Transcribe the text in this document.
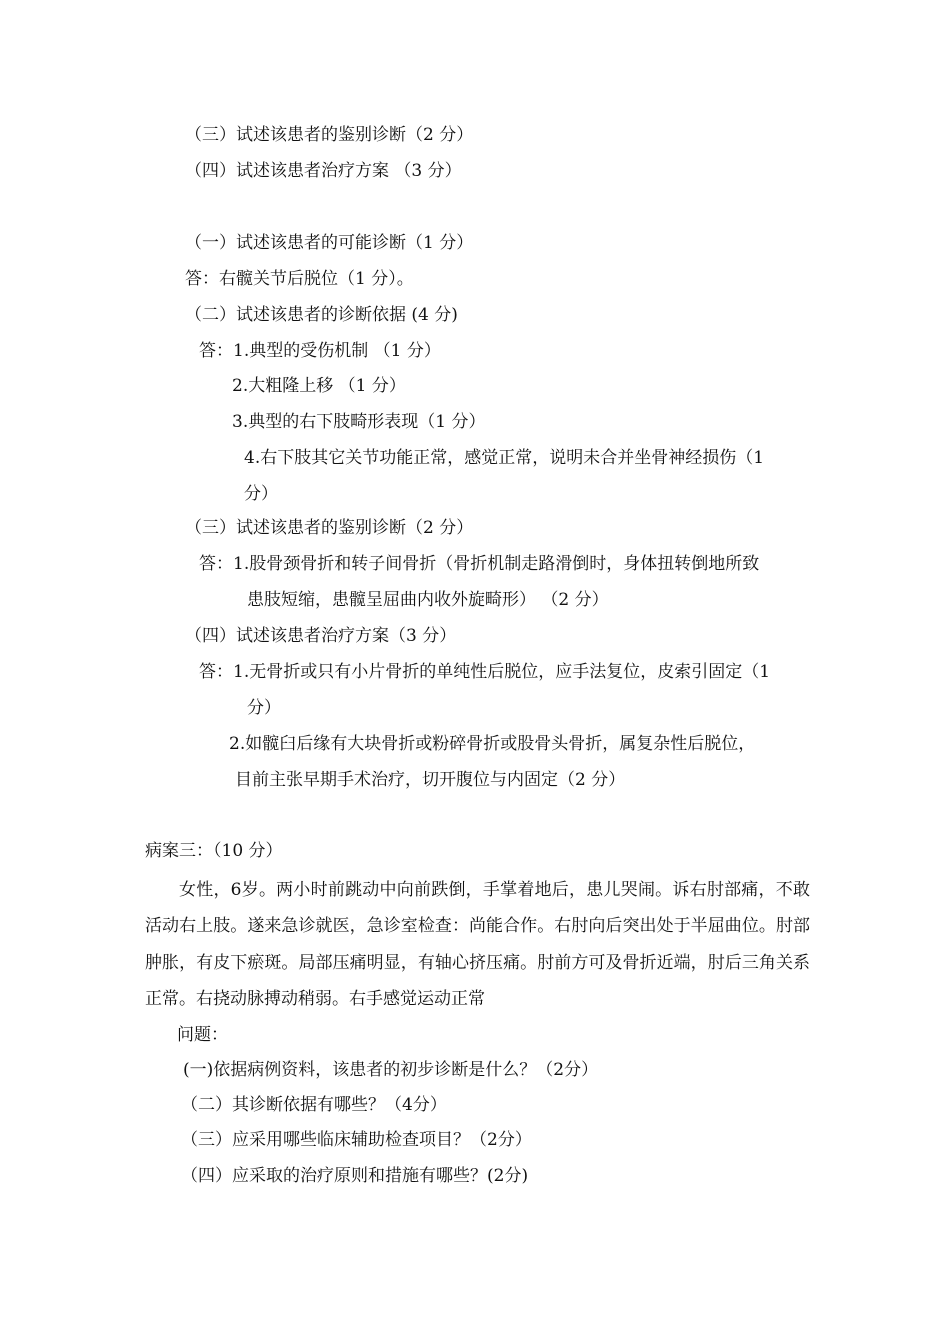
（三）试述该患者的鉴别诊断（2 分）
（四）试述该患者治疗方案 （3 分）
（一）试述该患者的可能诊断（1 分）
答：右髋关节后脱位（1 分）。
（二）试述该患者的诊断依据 (4 分)
答：1.典型的受伤机制 （1 分）
2.大粗隆上移 （1 分）
3.典型的右下肢畸形表现（1 分）
4.右下肢其它关节功能正常，感觉正常，说明未合并坐骨神经损伤（1
分）
（三）试述该患者的鉴别诊断（2 分）
答：1.股骨颈骨折和转子间骨折（骨折机制走路滑倒时，身体扭转倒地所致
患肢短缩，患髋呈屈曲内收外旋畸形） （2 分）
（四）试述该患者治疗方案（3 分）
答：1.无骨折或只有小片骨折的单纯性后脱位，应手法复位，皮索引固定（1
分）
2.如髋臼后缘有大块骨折或粉碎骨折或股骨头骨折，属复杂性后脱位，
目前主张早期手术治疗，切开腹位与内固定（2 分）
病案三：（10 分）
女性，6岁。两小时前跳动中向前跌倒，手掌着地后，患儿哭闹。诉右肘部痛，不敢活动右上肢。遂来急诊就医，急诊室检查：尚能合作。右肘向后突出处于半屈曲位。肘部肿胀，有皮下瘀斑。局部压痛明显，有轴心挤压痛。肘前方可及骨折近端，肘后三角关系正常。右挠动脉搏动稍弱。右手感觉运动正常
问题：
(一)依据病例资料，该患者的初步诊断是什么？（2分）
（二）其诊断依据有哪些？（4分）
（三）应采用哪些临床辅助检查项目？（2分）
（四）应采取的治疗原则和措施有哪些？(2分)
